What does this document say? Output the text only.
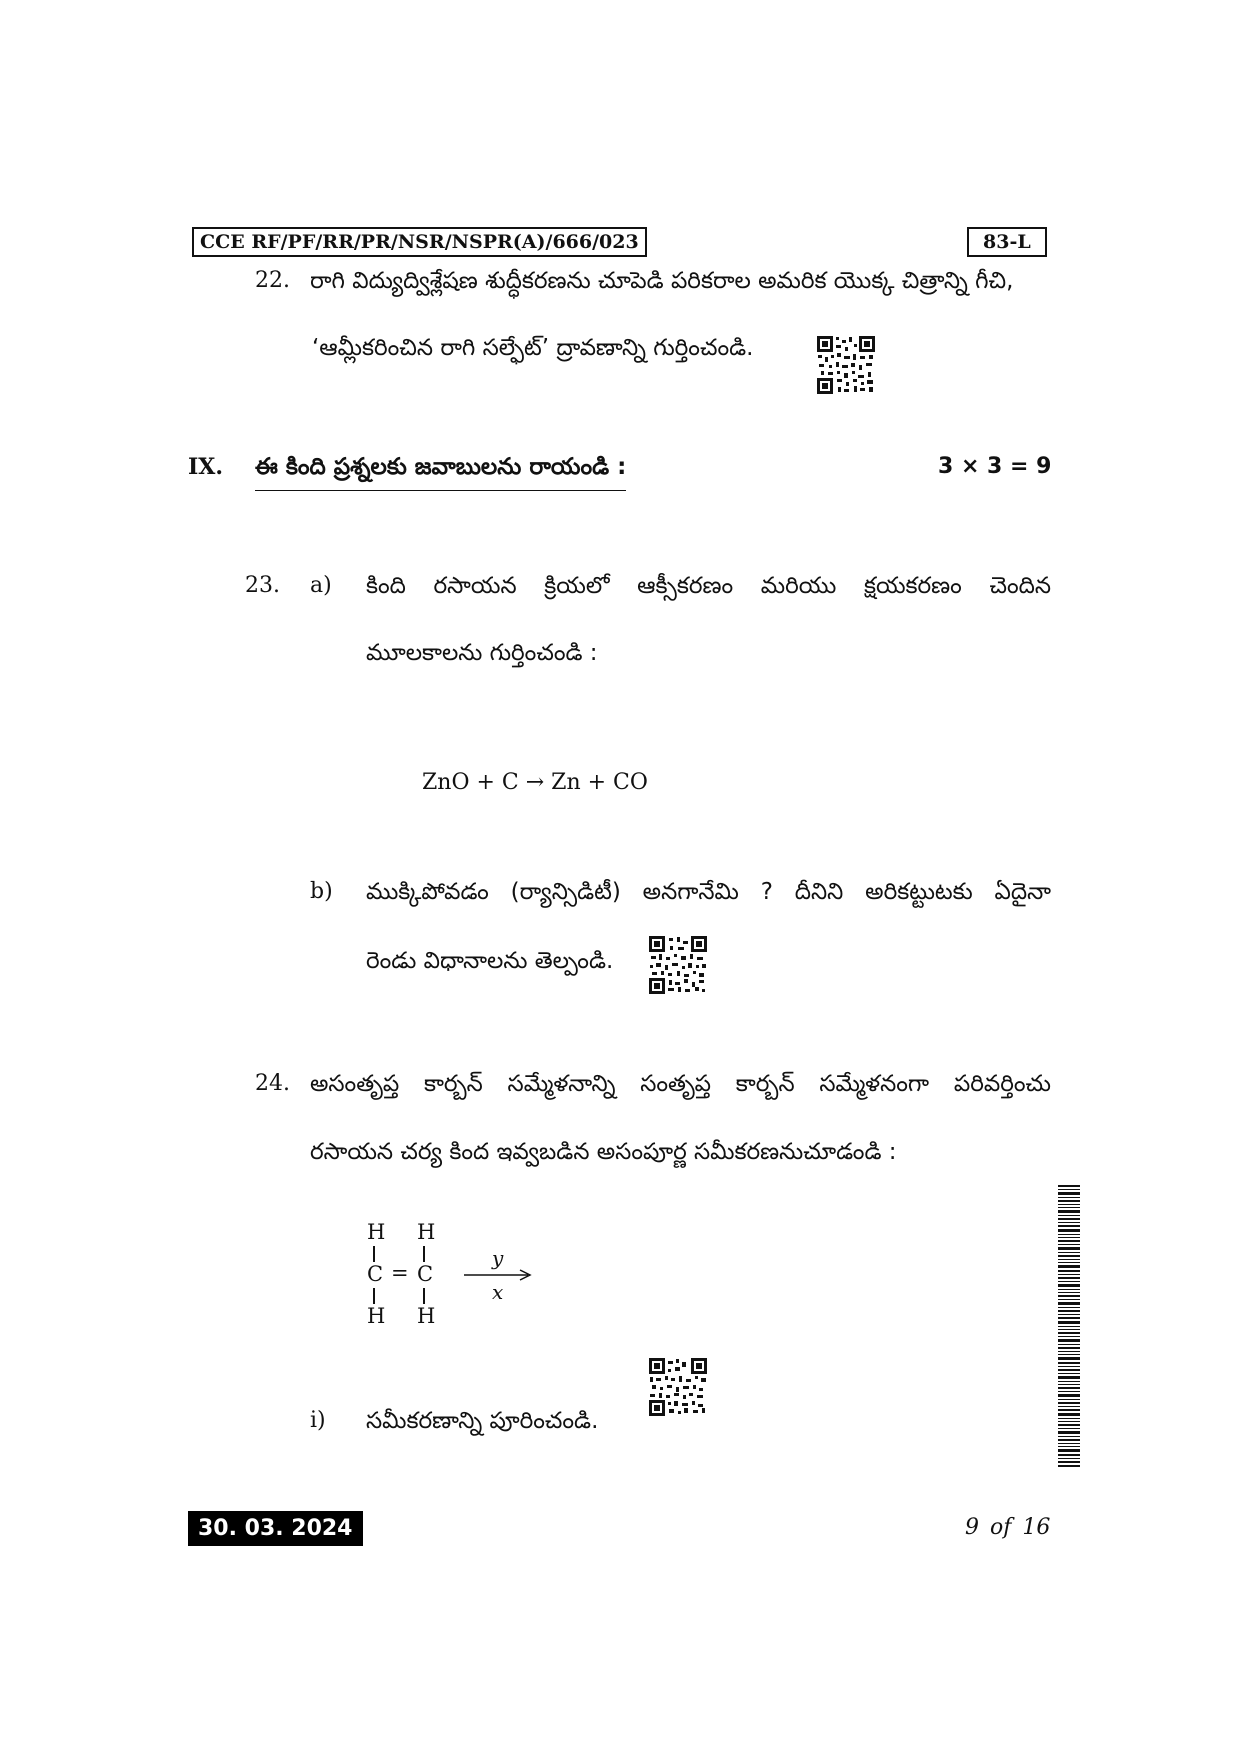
CCE RF/PF/RR/PR/NSR/NSPR(A)/666/023	83-L
22. రాగి విద్యుద్విశ్లేషణ శుద్ధీకరణను చూపెడి పరికరాల అమరిక యొక్క చిత్రాన్ని గీచి,
‘ఆమ్లీకరించిన రాగి సల్ఫేట్’ ద్రావణాన్ని గుర్తించండి.
IX. ఈ కింది ప్రశ్నలకు జవాబులను రాయండి :	3 × 3 = 9
23. a) కింది రసాయన క్రియలో ఆక్సీకరణం మరియు క్షయకరణం చెందిన
మూలకాలను గుర్తించండి :
ZnO + C → Zn + CO
b) ముక్కిపోవడం (ర్యాన్సిడిటీ) అనగానేమి ? దీనిని అరికట్టుటకు ఏదైనా
రెండు విధానాలను తెల్పండి.
24. అసంతృప్త కార్బన్ సమ్మేళనాన్ని సంతృప్త కార్బన్ సమ్మేళనంగా పరివర్తించు
రసాయన చర్య కింద ఇవ్వబడిన అసంపూర్ణ సమీకరణనుచూడండి :
H H
C = C
H H
y
x
i) సమీకరణాన్ని పూరించండి.
30. 03. 2024	9 of 16
